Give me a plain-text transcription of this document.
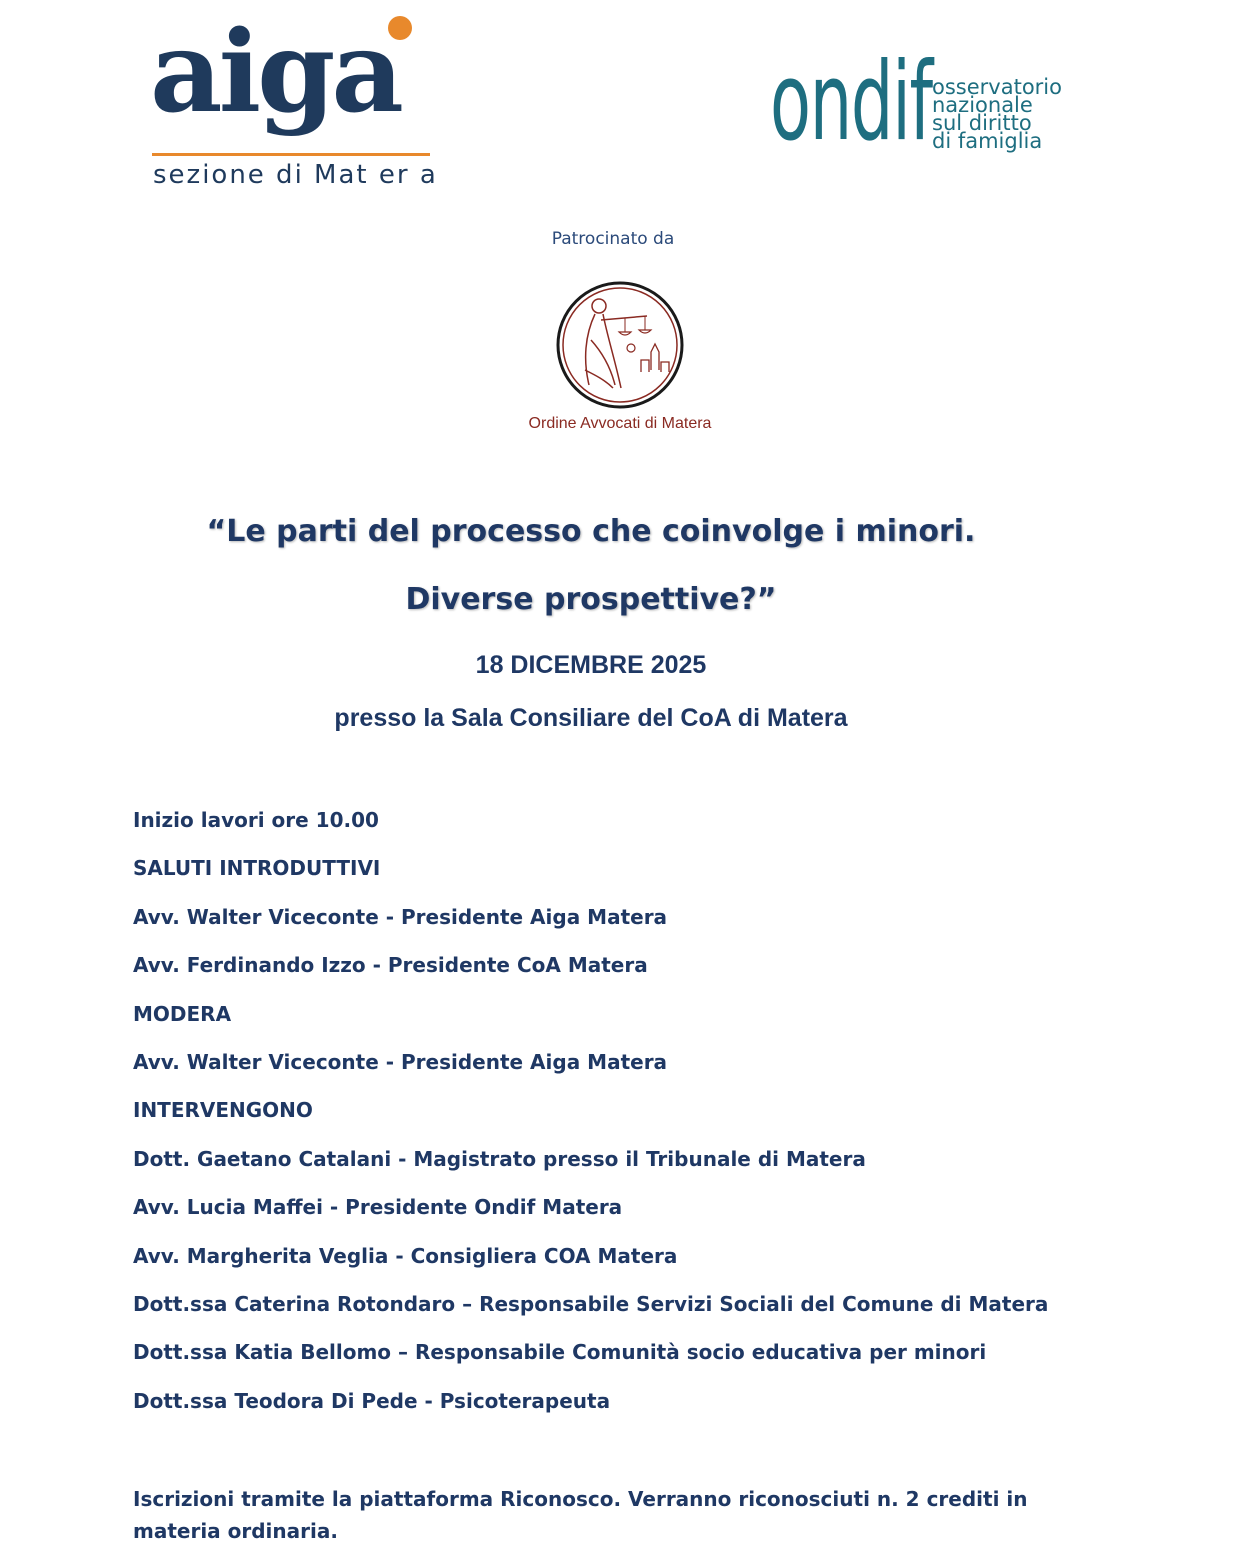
aiga
sezione di Mat er a
ondif osservatorio
nazionale
sul diritto
di famiglia
Patrocinato da
Ordine Avvocati di Matera
“Le parti del processo che coinvolge i minori.
Diverse prospettive?”
18 DICEMBRE 2025
presso la Sala Consiliare del CoA di Matera
Inizio lavori ore 10.00
SALUTI INTRODUTTIVI
Avv. Walter Viceconte - Presidente Aiga Matera
Avv. Ferdinando Izzo - Presidente CoA Matera
MODERA
Avv. Walter Viceconte - Presidente Aiga Matera
INTERVENGONO
Dott. Gaetano Catalani - Magistrato presso il Tribunale di Matera
Avv. Lucia Maffei - Presidente Ondif Matera
Avv. Margherita Veglia - Consigliera COA Matera
Dott.ssa Caterina Rotondaro – Responsabile Servizi Sociali del Comune di Matera
Dott.ssa Katia Bellomo – Responsabile Comunità socio educativa per minori
Dott.ssa Teodora Di Pede - Psicoterapeuta
Iscrizioni tramite la piattaforma Riconosco. Verranno riconosciuti n. 2 crediti in materia ordinaria.
